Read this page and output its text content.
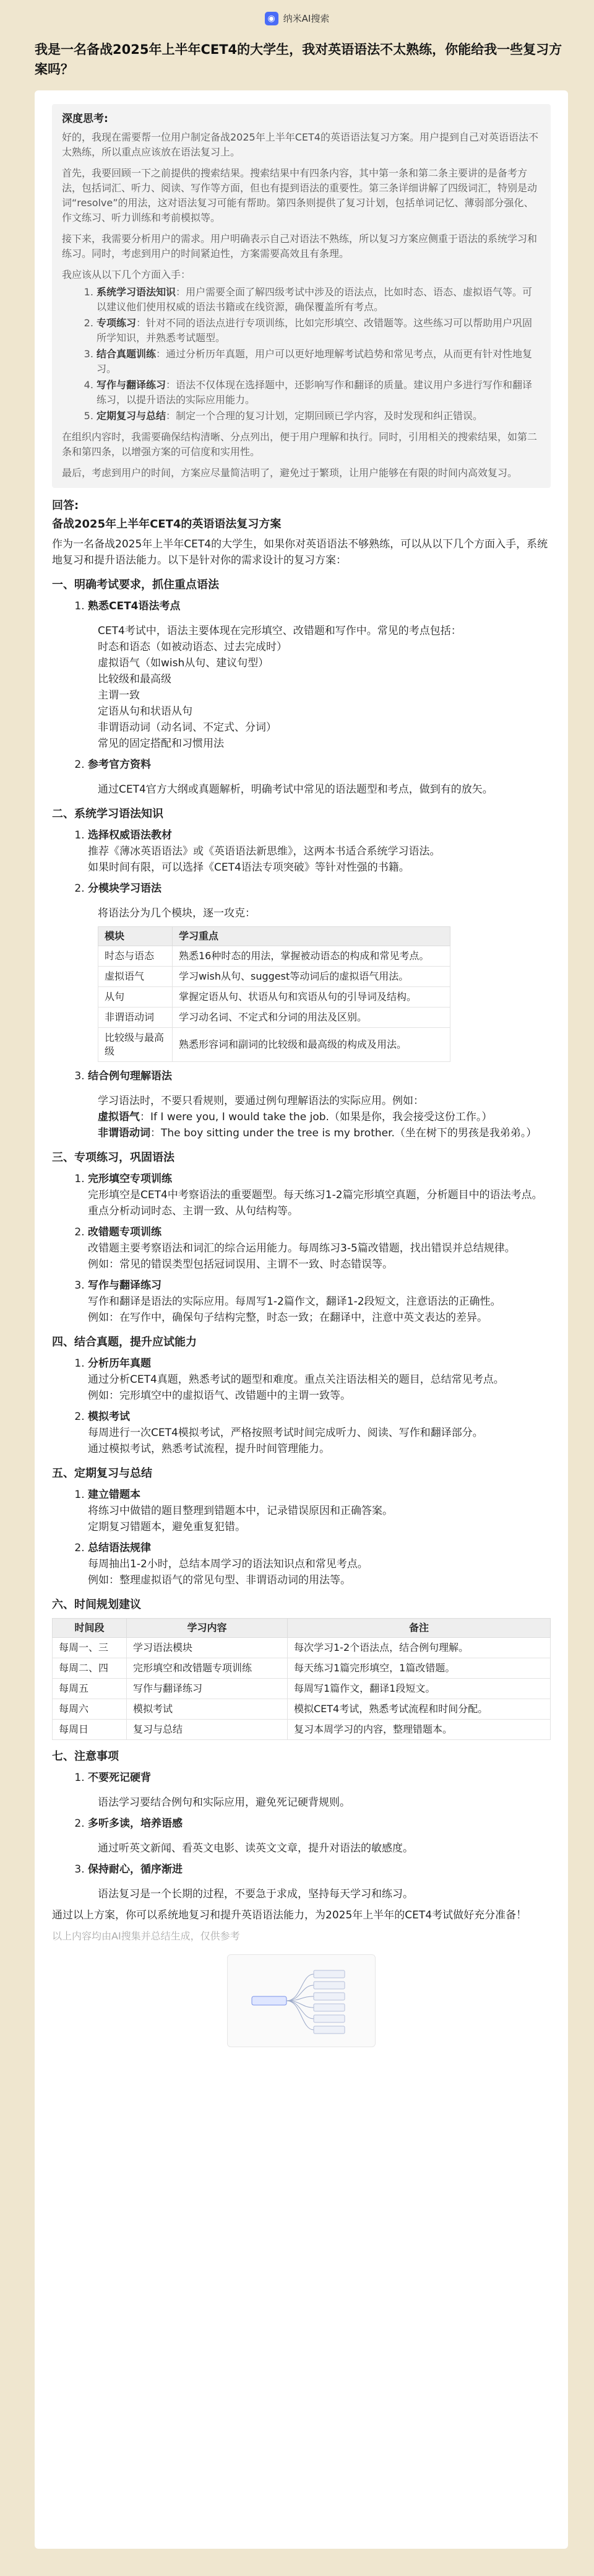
◉ 纳米AI搜索
我是一名备战2025年上半年CET4的大学生，我对英语语法不太熟练，你能给我一些复习方案吗？
深度思考:

好的，我现在需要帮一位用户制定备战2025年上半年CET4的英语语法复习方案。用户提到自己对英语语法不太熟练，所以重点应该放在语法复习上。

首先，我要回顾一下之前提供的搜索结果。搜索结果中有四条内容，其中第一条和第二条主要讲的是备考方法，包括词汇、听力、阅读、写作等方面，但也有提到语法的重要性。第三条详细讲解了四级词汇，特别是动词“resolve”的用法，这对语法复习可能有帮助。第四条则提供了复习计划，包括单词记忆、薄弱部分强化、作文练习、听力训练和考前模拟等。

接下来，我需要分析用户的需求。用户明确表示自己对语法不熟练，所以复习方案应侧重于语法的系统学习和练习。同时，考虑到用户的时间紧迫性，方案需要高效且有条理。

我应该从以下几个方面入手：

1. 系统学习语法知识：用户需要全面了解四级考试中涉及的语法点，比如时态、语态、虚拟语气等。可以建议他们使用权威的语法书籍或在线资源，确保覆盖所有考点。
2. 专项练习：针对不同的语法点进行专项训练，比如完形填空、改错题等。这些练习可以帮助用户巩固所学知识，并熟悉考试题型。
3. 结合真题训练：通过分析历年真题，用户可以更好地理解考试趋势和常见考点，从而更有针对性地复习。
4. 写作与翻译练习：语法不仅体现在选择题中，还影响写作和翻译的质量。建议用户多进行写作和翻译练习，以提升语法的实际应用能力。
5. 定期复习与总结：制定一个合理的复习计划，定期回顾已学内容，及时发现和纠正错误。

在组织内容时，我需要确保结构清晰、分点列出，便于用户理解和执行。同时，引用相关的搜索结果，如第二条和第四条，以增强方案的可信度和实用性。

最后，考虑到用户的时间，方案应尽量简洁明了，避免过于繁琐，让用户能够在有限的时间内高效复习。

回答:
备战2025年上半年CET4的英语语法复习方案

作为一名备战2025年上半年CET4的大学生，如果你对英语语法不够熟练，可以从以下几个方面入手，系统地复习和提升语法能力。以下是针对你的需求设计的复习方案：

一、明确考试要求，抓住重点语法
1. 熟悉CET4语法考点
CET4考试中，语法主要体现在完形填空、改错题和写作中。常见的考点包括：
时态和语态（如被动语态、过去完成时）
虚拟语气（如wish从句、建议句型）
比较级和最高级
主谓一致
定语从句和状语从句
非谓语动词（动名词、不定式、分词）
常见的固定搭配和习惯用法
2. 参考官方资料
通过CET4官方大纲或真题解析，明确考试中常见的语法题型和考点，做到有的放矢。
二、系统学习语法知识
1. 选择权威语法教材
推荐《薄冰英语语法》或《英语语法新思维》，这两本书适合系统学习语法。
如果时间有限，可以选择《CET4语法专项突破》等针对性强的书籍。
2. 分模块学习语法
将语法分为几个模块，逐一攻克：
模块	学习重点
时态与语态	熟悉16种时态的用法，掌握被动语态的构成和常见考点。
虚拟语气	学习wish从句、suggest等动词后的虚拟语气用法。
从句	掌握定语从句、状语从句和宾语从句的引导词及结构。
非谓语动词	学习动名词、不定式和分词的用法及区别。
比较级与最高级	熟悉形容词和副词的比较级和最高级的构成及用法。
3. 结合例句理解语法
学习语法时，不要只看规则，要通过例句理解语法的实际应用。例如：
虚拟语气：If I were you, I would take the job.（如果是你，我会接受这份工作。）
非谓语动词：The boy sitting under the tree is my brother.（坐在树下的男孩是我弟弟。）
三、专项练习，巩固语法
1. 完形填空专项训练
完形填空是CET4中考察语法的重要题型。每天练习1-2篇完形填空真题，分析题目中的语法考点。
重点分析动词时态、主谓一致、从句结构等。
2. 改错题专项训练
改错题主要考察语法和词汇的综合运用能力。每周练习3-5篇改错题，找出错误并总结规律。
例如：常见的错误类型包括冠词误用、主谓不一致、时态错误等。
3. 写作与翻译练习
写作和翻译是语法的实际应用。每周写1-2篇作文，翻译1-2段短文，注意语法的正确性。
例如：在写作中，确保句子结构完整，时态一致；在翻译中，注意中英文表达的差异。
四、结合真题，提升应试能力
1. 分析历年真题
通过分析CET4真题，熟悉考试的题型和难度。重点关注语法相关的题目，总结常见考点。
例如：完形填空中的虚拟语气、改错题中的主谓一致等。
2. 模拟考试
每周进行一次CET4模拟考试，严格按照考试时间完成听力、阅读、写作和翻译部分。
通过模拟考试，熟悉考试流程，提升时间管理能力。
五、定期复习与总结
1. 建立错题本
将练习中做错的题目整理到错题本中，记录错误原因和正确答案。
定期复习错题本，避免重复犯错。
2. 总结语法规律
每周抽出1-2小时，总结本周学习的语法知识点和常见考点。
例如：整理虚拟语气的常见句型、非谓语动词的用法等。
六、时间规划建议
时间段	学习内容	备注
每周一、三	学习语法模块	每次学习1-2个语法点，结合例句理解。
每周二、四	完形填空和改错题专项训练	每天练习1篇完形填空，1篇改错题。
每周五	写作与翻译练习	每周写1篇作文，翻译1段短文。
每周六	模拟考试	模拟CET4考试，熟悉考试流程和时间分配。
每周日	复习与总结	复习本周学习的内容，整理错题本。
七、注意事项
1. 不要死记硬背
语法学习要结合例句和实际应用，避免死记硬背规则。
2. 多听多读，培养语感
通过听英文新闻、看英文电影、读英文文章，提升对语法的敏感度。
3. 保持耐心，循序渐进
语法复习是一个长期的过程，不要急于求成，坚持每天学习和练习。

通过以上方案，你可以系统地复习和提升英语语法能力，为2025年上半年的CET4考试做好充分准备！

以上内容均由AI搜集并总结生成，仅供参考
